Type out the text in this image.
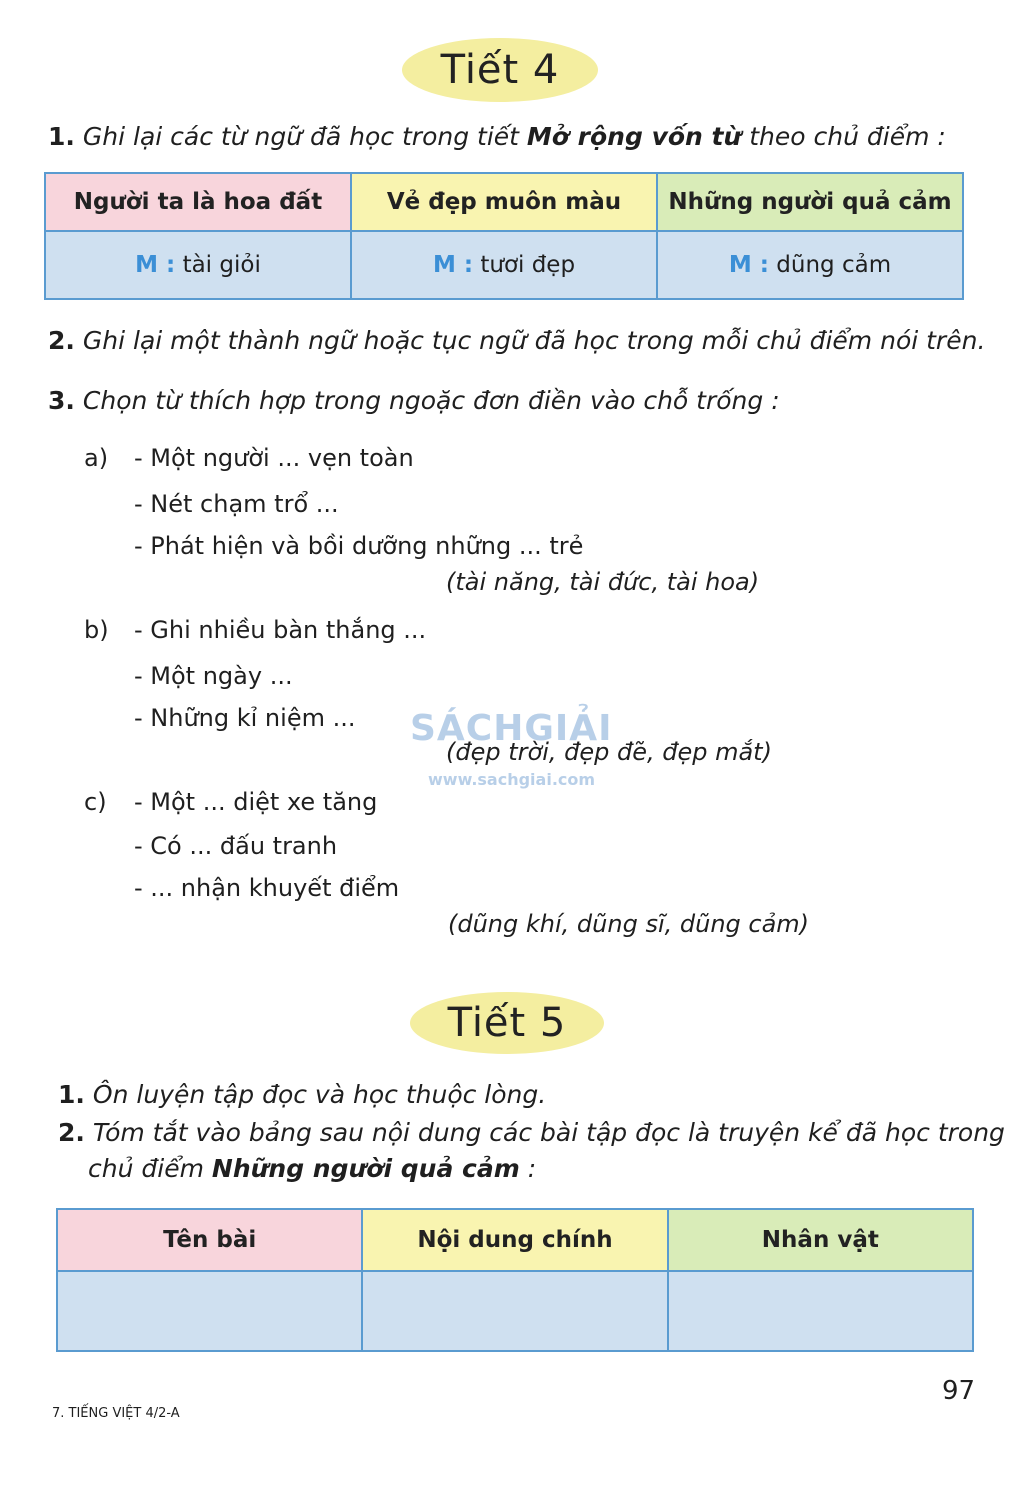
Tiết 4
1. Ghi lại các từ ngữ đã học trong tiết Mở rộng vốn từ theo chủ điểm :
Người ta là hoa đất	Vẻ đẹp muôn màu	Những người quả cảm
M : tài giỏi	M : tươi đẹp	M : dũng cảm
2. Ghi lại một thành ngữ hoặc tục ngữ đã học trong mỗi chủ điểm nói trên.
3. Chọn từ thích hợp trong ngoặc đơn điền vào chỗ trống :
a) - Một người ... vẹn toàn
- Nét chạm trổ ...
- Phát hiện và bồi dưỡng những ... trẻ
(tài năng, tài đức, tài hoa)
b) - Ghi nhiều bàn thắng ...
- Một ngày ...
- Những kỉ niệm ...
(đẹp trời, đẹp đẽ, đẹp mắt)
c) - Một ... diệt xe tăng
- Có ... đấu tranh
- ... nhận khuyết điểm
(dũng khí, dũng sĩ, dũng cảm)
SÁCHGIẢI
www.sachgiai.com
Tiết 5
1. Ôn luyện tập đọc và học thuộc lòng.
2. Tóm tắt vào bảng sau nội dung các bài tập đọc là truyện kể đã học trong
chủ điểm Những người quả cảm :
Tên bài	Nội dung chính	Nhân vật

97
7. TIẾNG VIỆT 4/2-A
